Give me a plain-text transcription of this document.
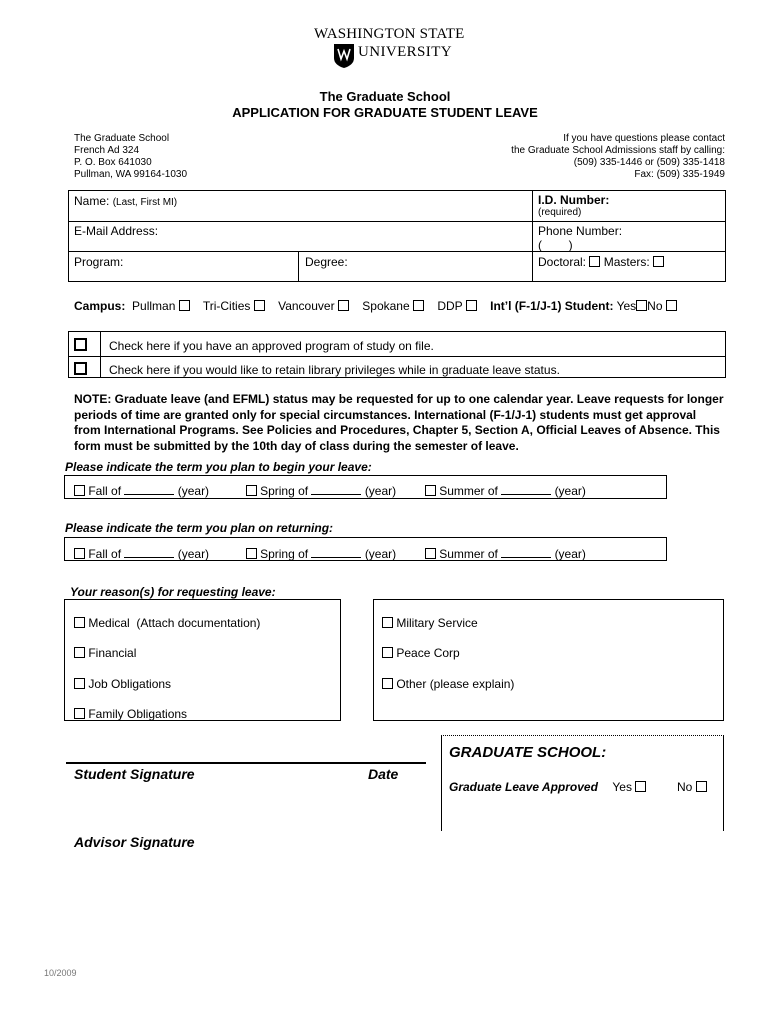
WASHINGTON STATE
UNIVERSITY
The Graduate School
APPLICATION FOR GRADUATE STUDENT LEAVE
The Graduate School
French Ad 324
P. O. Box 641030
Pullman, WA 99164-1030
If you have questions please contact
the Graduate School Admissions staff by calling:
(509) 335-1446 or (509) 335-1418
Fax: (509) 335-1949
Name: (Last, First MI)	I.D. Number:
(required)
E-Mail Address:	Phone Number:
(        )
Program:	Degree:	Doctoral: Masters:
Campus: Pullman Tri-Cities Vancouver Spokane DDP Int’l (F-1/J-1) Student: Yes No
Check here if you have an approved program of study on file.
Check here if you would like to retain library privileges while in graduate leave status.
NOTE: Graduate leave (and EFML) status may be requested for up to one calendar year. Leave requests for longer periods of time are granted only for special circumstances. International (F-1/J-1) students must get approval from International Programs. See Policies and Procedures, Chapter 5, Section A, Official Leaves of Absence. This form must be submitted by the 10th day of class during the semester of leave.
Please indicate the term you plan to begin your leave:
Fall of	(year)	Spring of	(year)	Summer of	(year)
Please indicate the term you plan on returning:
Fall of	(year)	Spring of	(year)	Summer of	(year)
Your reason(s) for requesting leave:
Medical  (Attach documentation)
Financial
Job Obligations
Family Obligations
Military Service
Peace Corp
Other (please explain)
Student Signature	Date
Advisor Signature
GRADUATE SCHOOL:
Graduate Leave Approved Yes	No
10/2009
